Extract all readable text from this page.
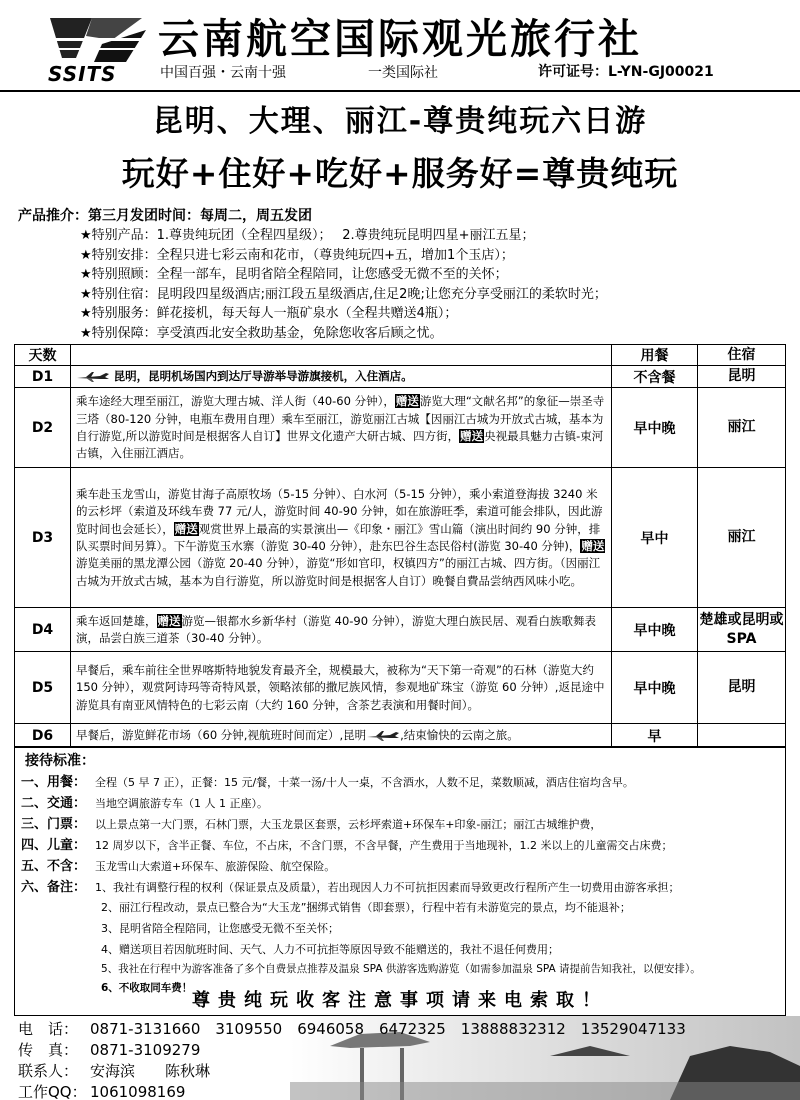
SSITS
云南航空国际观光旅行社
中国百强・云南十强	一类国际社	许可证号：L-YN-GJ00021
昆明、大理、丽江-尊贵纯玩六日游
玩好+住好+吃好+服务好=尊贵纯玩
产品推介：第三月发团时间：每周二，周五发团
★特别产品：1.尊贵纯玩团（全程四星级）；　 2.尊贵纯玩昆明四星+丽江五星；
★特别安排：全程只进七彩云南和花市，（尊贵纯玩四+五，增加1个玉店）；
★特别照顾：全程一部车，昆明省陪全程陪同，让您感受无微不至的关怀；
★特别住宿：昆明段四星级酒店;丽江段五星级酒店,住足2晚;让您充分享受丽江的柔软时光；
★特别服务：鲜花接机，每天每人一瓶矿泉水（全程共赠送4瓶）；
★特别保障：享受滇西北安全救助基金，免除您收客后顾之忧。
天数		用餐	住宿
D1	昆明，昆明机场国内到达厅导游举导游旗接机，入住酒店。	不含餐	昆明
D2	乘车途经大理至丽江，游览大理古城、洋人街（40-60 分钟），赠送游览大理“文献名邦”的象征—崇圣寺三塔（80-120 分钟，电瓶车费用自理）乘车至丽江，游览丽江古城【因丽江古城为开放式古城，基本为自行游览,所以游览时间是根据客人自订】世界文化遗产大研古城、四方街，赠送央视最具魅力古镇-束河古镇，入住丽江酒店。	早中晚	丽江
D3	乘车赴玉龙雪山，游览甘海子高原牧场（5-15 分钟）、白水河（5-15 分钟），乘小索道登海拔 3240 米的云杉坪（索道及环线车费 77 元/人，游览时间 40-90 分钟，如在旅游旺季，索道可能会排队，因此游览时间也会延长），赠送观赏世界上最高的实景演出—《印象・丽江》雪山篇（演出时间约 90 分钟，排队买票时间另算）。下午游览玉水寨（游览 30-40 分钟），赴东巴谷生态民俗村(游览 30-40 分钟)，赠送游览美丽的黑龙潭公园（游览 20-40 分钟），游览“形如官印，权镇四方”的丽江古城、四方街。（因丽江古城为开放式古城，基本为自行游览，所以游览时间是根据客人自订）晚餐自費品尝纳西风味小吃。	早中	丽江
D4	乘车返回楚雄，赠送游览—银都水乡新华村（游览 40-90 分钟），游览大理白族民居、观看白族歌舞表演，品尝白族三道茶（30-40 分钟）。	早中晚	楚雄或昆明或 SPA
D5	早餐后，乘车前往全世界喀斯特地貌发育最齐全，规模最大，被称为“天下第一奇观”的石林（游览大约 150 分钟），观赏阿诗玛等奇特风景，领略浓郁的撒尼族风情，参观地矿珠宝（游览 60 分钟）,返昆途中游览具有南亚风情特色的七彩云南（大约 160 分钟，含茶艺表演和用餐时间）。	早中晚	昆明
D6	早餐后，游览鲜花市场（60 分钟,视航班时间而定）,昆明 ,结束愉快的云南之旅。	早	
接待标准：
一、用餐： 全程（5 早 7 正），正餐：15 元/餐，十菜一汤/十人一桌，不含酒水，人数不足，菜数顺减，酒店住宿均含早。
二、交通： 当地空调旅游专车（1 人 1 正座）。
三、门票： 以上景点第一大门票，石林门票，大玉龙景区套票，云杉坪索道+环保车+印象-丽江；丽江古城维护费，
四、儿童： 12 周岁以下，含半正餐、车位，不占床，不含门票，不含早餐，产生费用于当地现补，1.2 米以上的儿童需交占床费；
五、不含： 玉龙雪山大索道+环保车、旅游保险、航空保险。
六、备注： 1、我社有调整行程的权利（保证景点及质量），若出现因人力不可抗拒因素而导致更改行程所产生一切费用由游客承担；
2、丽江行程改动，景点已整合为“大玉龙”捆绑式销售（即套票），行程中若有未游览完的景点，均不能退补；
3、昆明省陪全程陪同，让您感受无微不至关怀；
4、赠送项目若因航班时间、天气、人力不可抗拒等原因导致不能赠送的，我社不退任何费用；
5、我社在行程中为游客准备了多个自费景点推荐及温泉 SPA 供游客选购游览（如需参加温泉 SPA 请提前告知我社，以便安排）。
6、不收取同车费！
尊贵纯玩收客注意事项请来电索取！
电　话： 0871-3131660　3109550　6946058　6472325　13888832312　13529047133
传　真： 0871-3109279
联系人： 安海滨　　陈秋琳
工作QQ： 1061098169
